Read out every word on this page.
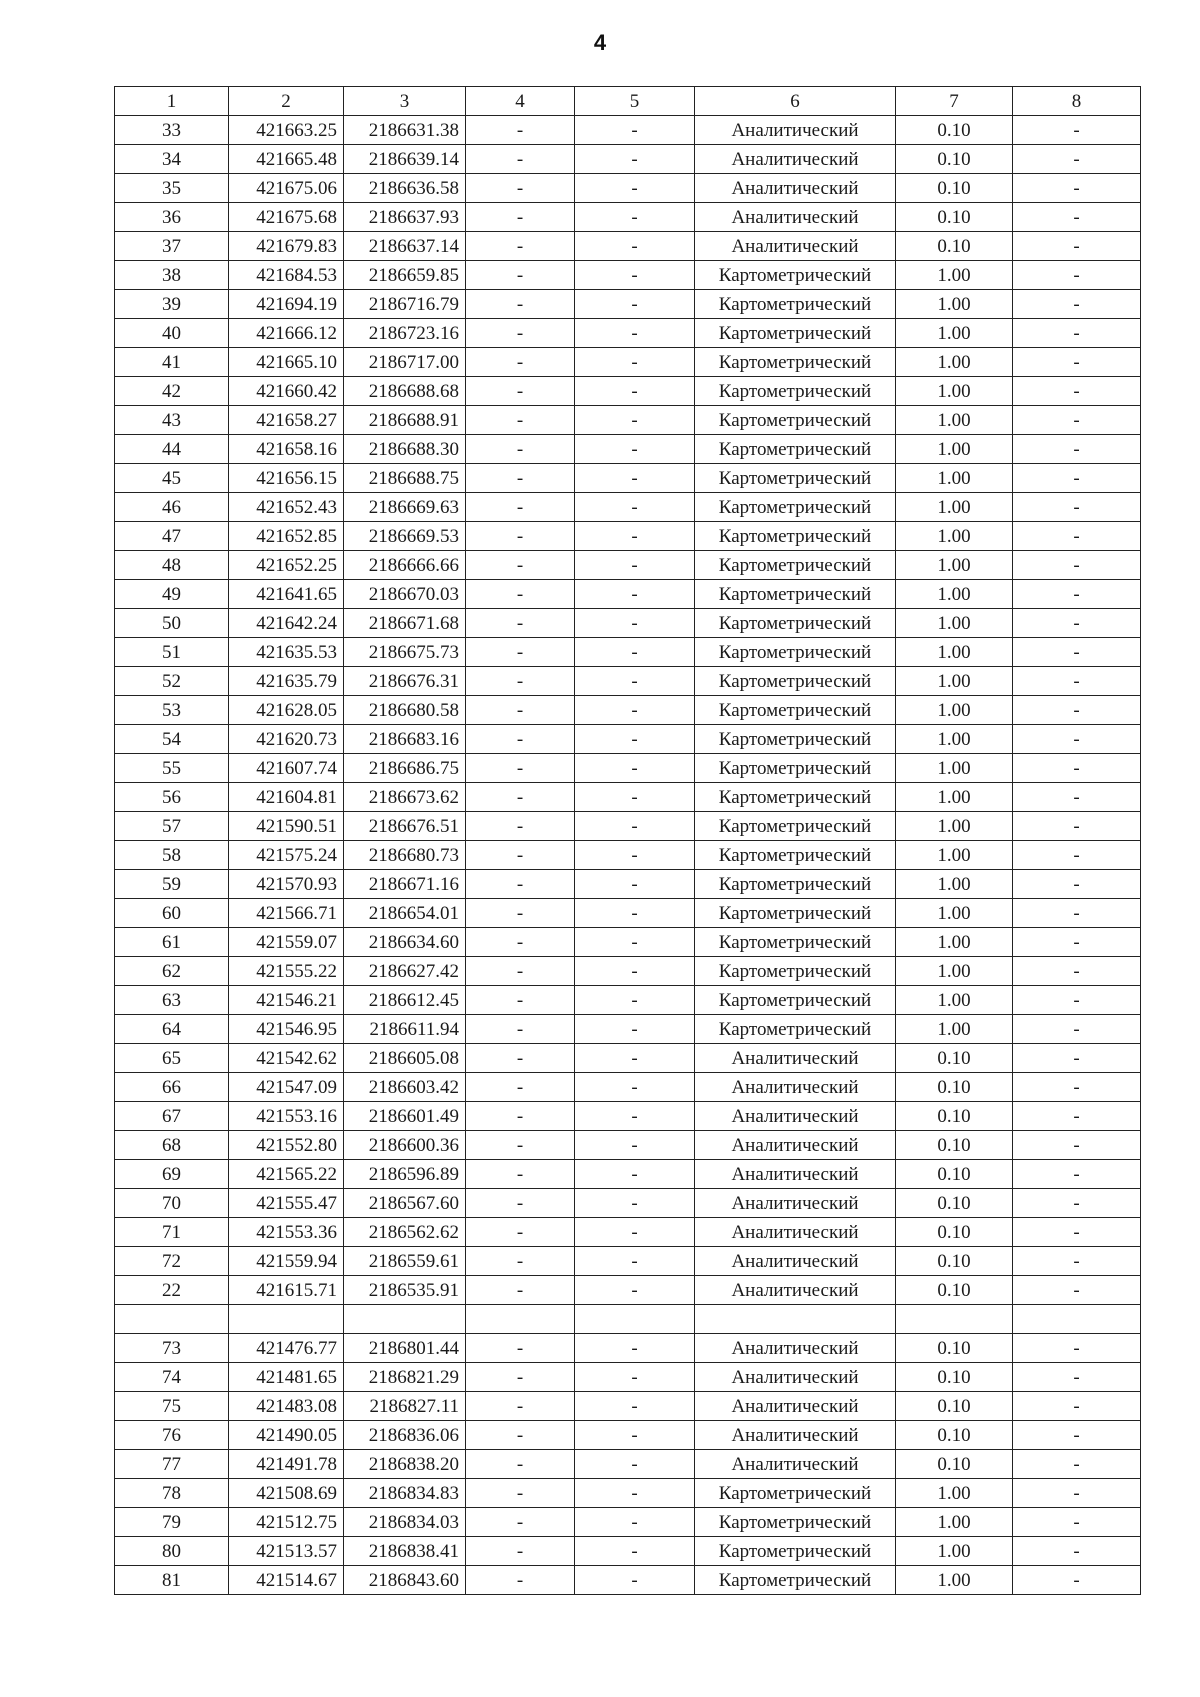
4
1	2	3	4	5	6	7	8
33	421663.25	2186631.38	-	-	Аналитический	0.10	-
34	421665.48	2186639.14	-	-	Аналитический	0.10	-
35	421675.06	2186636.58	-	-	Аналитический	0.10	-
36	421675.68	2186637.93	-	-	Аналитический	0.10	-
37	421679.83	2186637.14	-	-	Аналитический	0.10	-
38	421684.53	2186659.85	-	-	Картометрический	1.00	-
39	421694.19	2186716.79	-	-	Картометрический	1.00	-
40	421666.12	2186723.16	-	-	Картометрический	1.00	-
41	421665.10	2186717.00	-	-	Картометрический	1.00	-
42	421660.42	2186688.68	-	-	Картометрический	1.00	-
43	421658.27	2186688.91	-	-	Картометрический	1.00	-
44	421658.16	2186688.30	-	-	Картометрический	1.00	-
45	421656.15	2186688.75	-	-	Картометрический	1.00	-
46	421652.43	2186669.63	-	-	Картометрический	1.00	-
47	421652.85	2186669.53	-	-	Картометрический	1.00	-
48	421652.25	2186666.66	-	-	Картометрический	1.00	-
49	421641.65	2186670.03	-	-	Картометрический	1.00	-
50	421642.24	2186671.68	-	-	Картометрический	1.00	-
51	421635.53	2186675.73	-	-	Картометрический	1.00	-
52	421635.79	2186676.31	-	-	Картометрический	1.00	-
53	421628.05	2186680.58	-	-	Картометрический	1.00	-
54	421620.73	2186683.16	-	-	Картометрический	1.00	-
55	421607.74	2186686.75	-	-	Картометрический	1.00	-
56	421604.81	2186673.62	-	-	Картометрический	1.00	-
57	421590.51	2186676.51	-	-	Картометрический	1.00	-
58	421575.24	2186680.73	-	-	Картометрический	1.00	-
59	421570.93	2186671.16	-	-	Картометрический	1.00	-
60	421566.71	2186654.01	-	-	Картометрический	1.00	-
61	421559.07	2186634.60	-	-	Картометрический	1.00	-
62	421555.22	2186627.42	-	-	Картометрический	1.00	-
63	421546.21	2186612.45	-	-	Картометрический	1.00	-
64	421546.95	2186611.94	-	-	Картометрический	1.00	-
65	421542.62	2186605.08	-	-	Аналитический	0.10	-
66	421547.09	2186603.42	-	-	Аналитический	0.10	-
67	421553.16	2186601.49	-	-	Аналитический	0.10	-
68	421552.80	2186600.36	-	-	Аналитический	0.10	-
69	421565.22	2186596.89	-	-	Аналитический	0.10	-
70	421555.47	2186567.60	-	-	Аналитический	0.10	-
71	421553.36	2186562.62	-	-	Аналитический	0.10	-
72	421559.94	2186559.61	-	-	Аналитический	0.10	-
22	421615.71	2186535.91	-	-	Аналитический	0.10	-

73	421476.77	2186801.44	-	-	Аналитический	0.10	-
74	421481.65	2186821.29	-	-	Аналитический	0.10	-
75	421483.08	2186827.11	-	-	Аналитический	0.10	-
76	421490.05	2186836.06	-	-	Аналитический	0.10	-
77	421491.78	2186838.20	-	-	Аналитический	0.10	-
78	421508.69	2186834.83	-	-	Картометрический	1.00	-
79	421512.75	2186834.03	-	-	Картометрический	1.00	-
80	421513.57	2186838.41	-	-	Картометрический	1.00	-
81	421514.67	2186843.60	-	-	Картометрический	1.00	-
